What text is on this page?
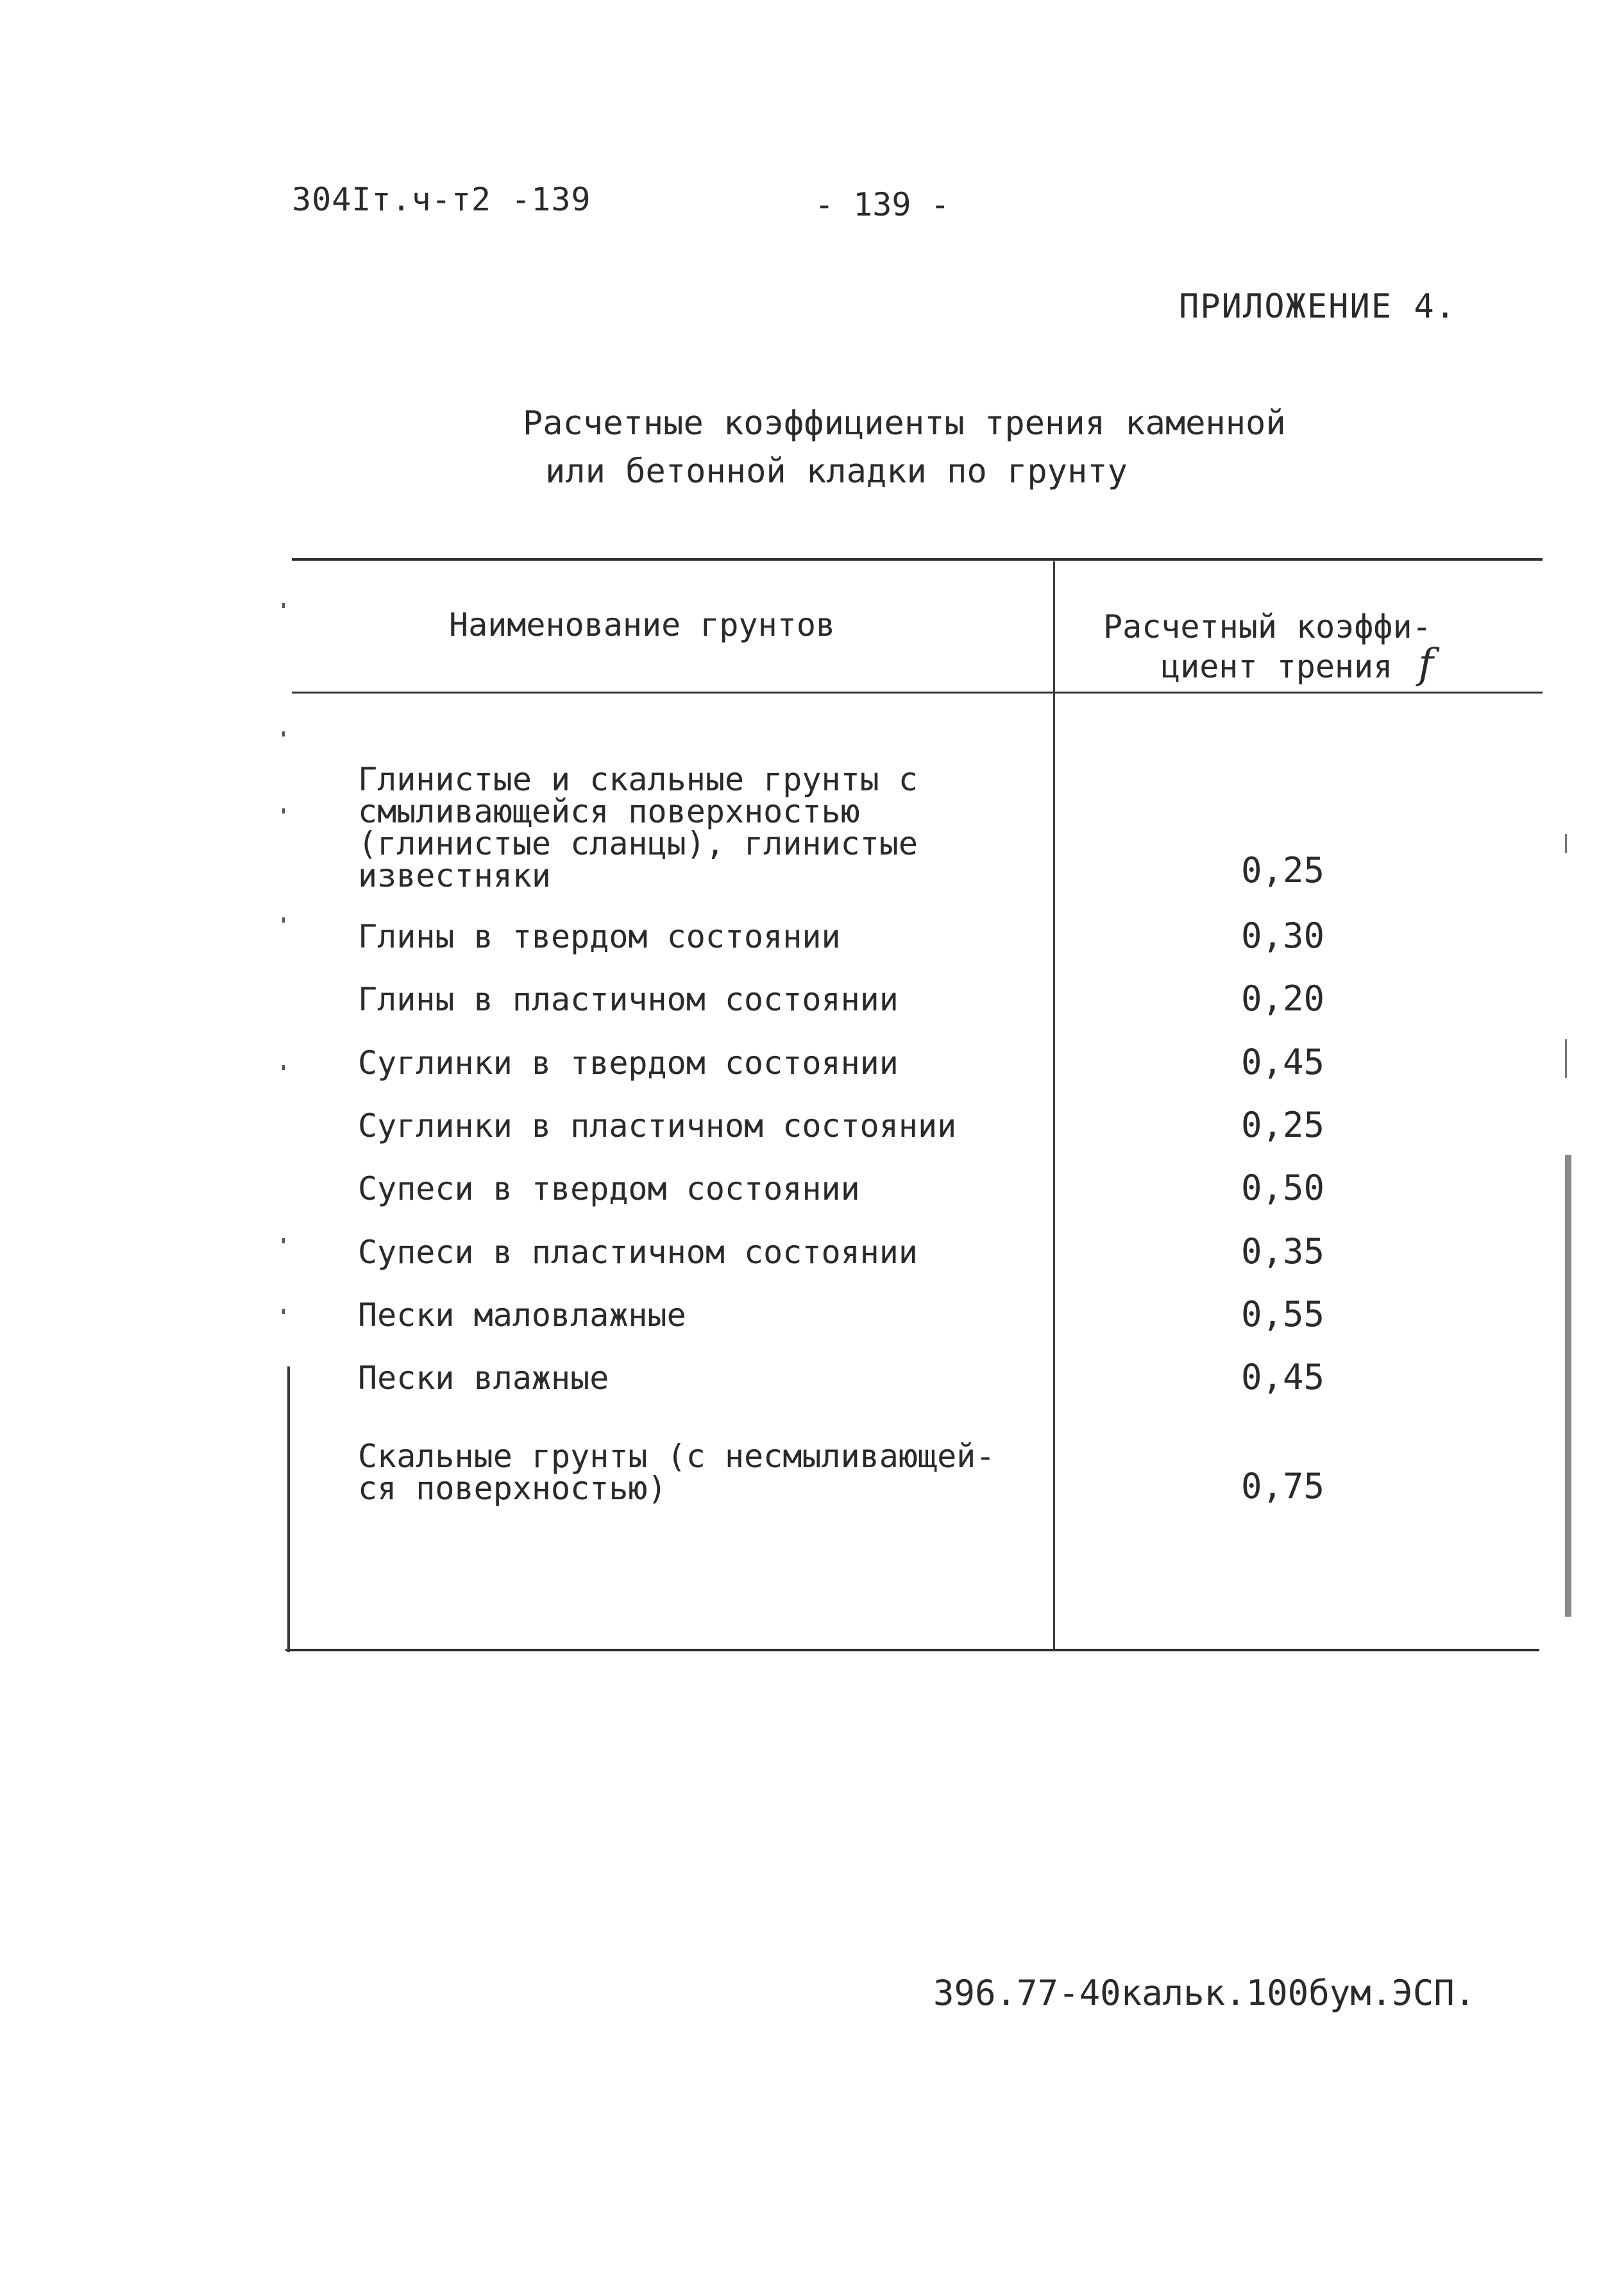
304Iт.ч-т2 -139	- 139 -
ПРИЛОЖЕНИЕ 4.
Расчетные коэффициенты трения каменной
или бетонной кладки по грунту
Наименование грунтов	Расчетный коэффи-
циент трения f
Глинистые и скальные грунты с
смыливающейся поверхностью
(глинистые сланцы), глинистые
известняки	0,25
Глины в твердом состоянии	0,30
Глины в пластичном состоянии	0,20
Суглинки в твердом состоянии	0,45
Суглинки в пластичном состоянии	0,25
Супеси в твердом состоянии	0,50
Супеси в пластичном состоянии	0,35
Пески маловлажные	0,55
Пески влажные	0,45
Скальные грунты (с несмыливающей-
ся поверхностью)	0,75
396.77-40кальк.100бум.ЭСП.
